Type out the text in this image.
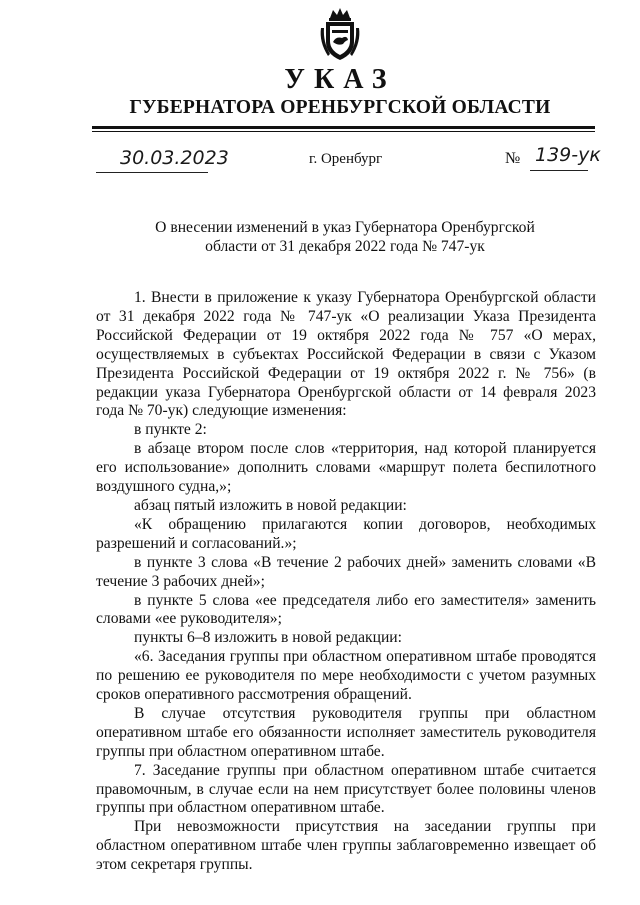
УКАЗ
ГУБЕРНАТОРА ОРЕНБУРГСКОЙ ОБЛАСТИ
30.03.2023	г. Оренбург	№ 139-ук
О внесении изменений в указ Губернатора Оренбургской области от 31 декабря 2022 года № 747-ук

1. Внести в приложение к указу Губернатора Оренбургской области от 31 декабря 2022 года № 747-ук «О реализации Указа Президента Российской Федерации от 19 октября 2022 года № 757 «О мерах, осуществляемых в субъектах Российской Федерации в связи с Указом Президента Российской Федерации от 19 октября 2022 г. № 756» (в редакции указа Губернатора Оренбургской области от 14 февраля 2023 года № 70-ук) следующие изменения:

в пункте 2:

в абзаце втором после слов «территория, над которой планируется его использование» дополнить словами «маршрут полета беспилотного воздушного судна,»;

абзац пятый изложить в новой редакции:

«К обращению прилагаются копии договоров, необходимых разрешений и согласований.»;

в пункте 3 слова «В течение 2 рабочих дней» заменить словами «В течение 3 рабочих дней»;

в пункте 5 слова «ее председателя либо его заместителя» заменить словами «ее руководителя»;

пункты 6–8 изложить в новой редакции:

«6. Заседания группы при областном оперативном штабе проводятся по решению ее руководителя по мере необходимости с учетом разумных сроков оперативного рассмотрения обращений.

В случае отсутствия руководителя группы при областном оперативном штабе его обязанности исполняет заместитель руководителя группы при областном оперативном штабе.

7. Заседание группы при областном оперативном штабе считается правомочным, в случае если на нем присутствует более половины членов группы при областном оперативном штабе.

При невозможности присутствия на заседании группы при областном оперативном штабе член группы заблаговременно извещает об этом секретаря группы.
